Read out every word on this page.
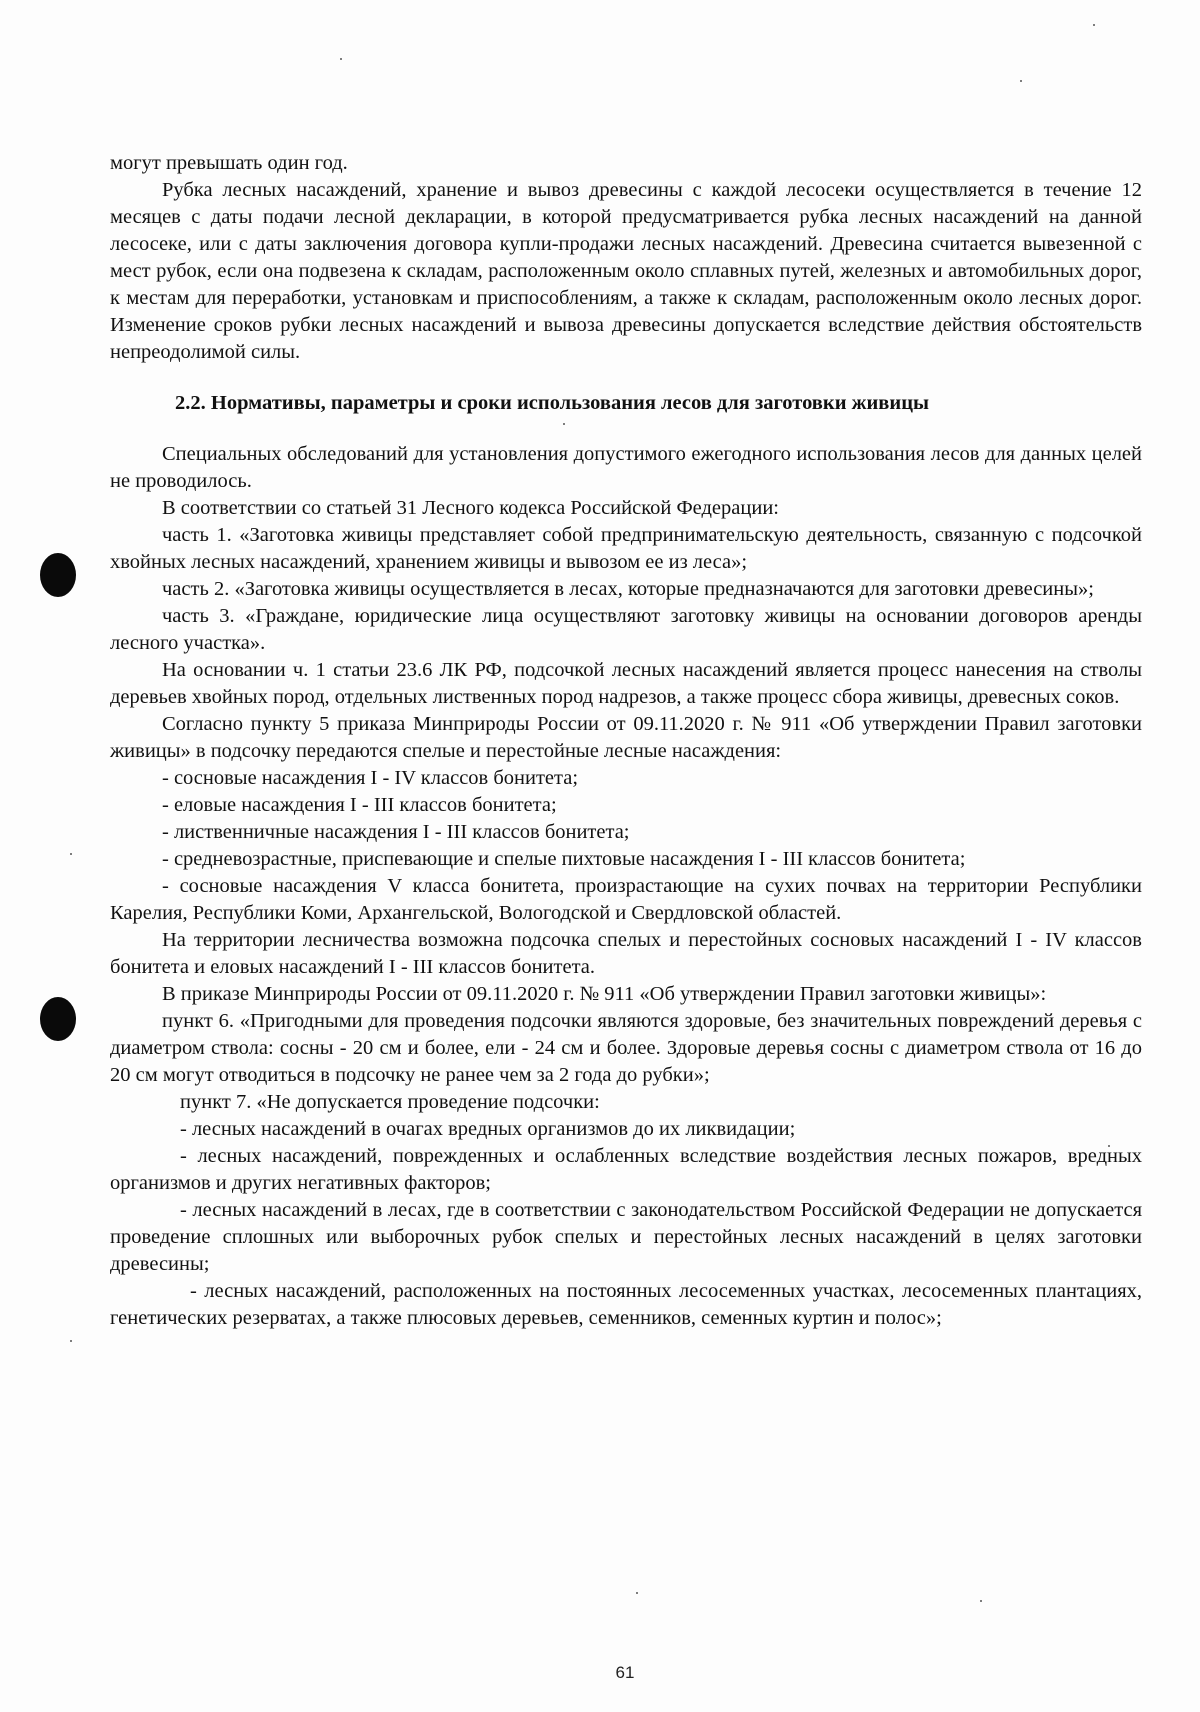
могут превышать один год.

Рубка лесных насаждений, хранение и вывоз древесины с каждой лесосеки осуществляется в течение 12 месяцев с даты подачи лесной декларации, в которой предусматривается рубка лесных насаждений на данной лесосеке, или с даты заключения договора купли-продажи лесных насаждений. Древесина считается вывезенной с мест рубок, если она подвезена к складам, расположенным около сплавных путей, железных и автомобильных дорог, к местам для переработки, установкам и приспособлениям, а также к складам, расположенным около лесных дорог. Изменение сроков рубки лесных насаждений и вывоза древесины допускается вследствие действия обстоятельств непреодолимой силы.

2.2. Нормативы, параметры и сроки использования лесов для заготовки живицы

Специальных обследований для установления допустимого ежегодного использования лесов для данных целей не проводилось.

В соответствии со статьей 31 Лесного кодекса Российской Федерации:

часть 1. «Заготовка живицы представляет собой предпринимательскую деятельность, связанную с подсочкой хвойных лесных насаждений, хранением живицы и вывозом ее из леса»;

часть 2. «Заготовка живицы осуществляется в лесах, которые предназначаются для заготовки древесины»;

часть 3. «Граждане, юридические лица осуществляют заготовку живицы на основании договоров аренды лесного участка».

На основании ч. 1 статьи 23.6 ЛК РФ, подсочкой лесных насаждений является процесс нанесения на стволы деревьев хвойных пород, отдельных лиственных пород надрезов, а также процесс сбора живицы, древесных соков.

Согласно пункту 5 приказа Минприроды России от 09.11.2020 г. № 911 «Об утверждении Правил заготовки живицы» в подсочку передаются спелые и перестойные лесные насаждения:

- сосновые насаждения I - IV классов бонитета;

- еловые насаждения I - III классов бонитета;

- лиственничные насаждения I - III классов бонитета;

- средневозрастные, приспевающие и спелые пихтовые насаждения I - III классов бонитета;

- сосновые насаждения V класса бонитета, произрастающие на сухих почвах на территории Республики Карелия, Республики Коми, Архангельской, Вологодской и Свердловской областей.

На территории лесничества возможна подсочка спелых и перестойных сосновых насаждений I - IV классов бонитета и еловых насаждений I - III классов бонитета.

В приказе Минприроды России от 09.11.2020 г. № 911 «Об утверждении Правил заготовки живицы»:

пункт 6. «Пригодными для проведения подсочки являются здоровые, без значительных повреждений деревья с диаметром ствола: сосны - 20 см и более, ели - 24 см и более. Здоровые деревья сосны с диаметром ствола от 16 до 20 см могут отводиться в подсочку не ранее чем за 2 года до рубки»;

пункт 7. «Не допускается проведение подсочки:

- лесных насаждений в очагах вредных организмов до их ликвидации;

- лесных насаждений, поврежденных и ослабленных вследствие воздействия лесных пожаров, вредных организмов и других негативных факторов;

- лесных насаждений в лесах, где в соответствии с законодательством Российской Федерации не допускается проведение сплошных или выборочных рубок спелых и перестойных лесных насаждений в целях заготовки древесины;

- лесных насаждений, расположенных на постоянных лесосеменных участках, лесосеменных плантациях, генетических резерватах, а также плюсовых деревьев, семенников, семенных куртин и полос»;

61
